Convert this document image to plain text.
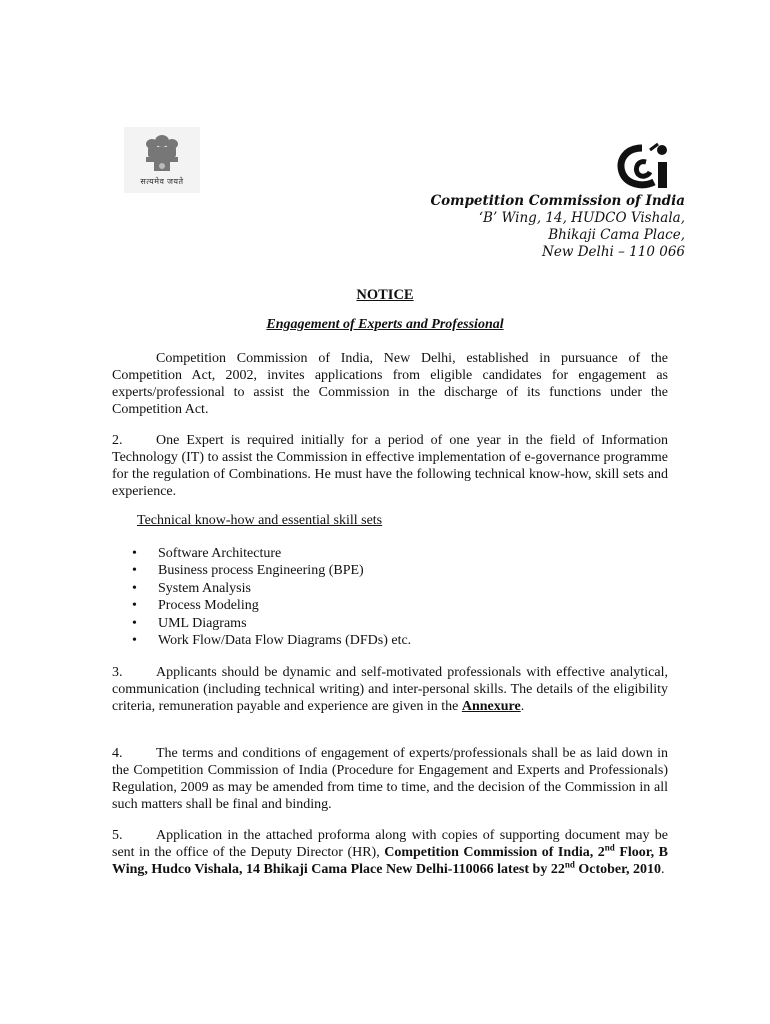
सत्यमेव जयते
Competition Commission of India
‘B’ Wing, 14, HUDCO Vishala,
Bhikaji Cama Place,
New Delhi – 110 066
NOTICE
Engagement of Experts and Professional

Competition Commission of India, New Delhi, established in pursuance of the Competition Act, 2002, invites applications from eligible candidates for engagement as experts/professional to assist the Commission in the discharge of its functions under the Competition Act.

2. One Expert is required initially for a period of one year in the field of Information Technology (IT) to assist the Commission in effective implementation of e-governance programme for the regulation of Combinations. He must have the following technical know-how, skill sets and experience.

Technical know-how and essential skill sets
• Software Architecture
• Business process Engineering (BPE)
• System Analysis
• Process Modeling
• UML Diagrams
• Work Flow/Data Flow Diagrams (DFDs) etc.

3. Applicants should be dynamic and self-motivated professionals with effective analytical, communication (including technical writing) and inter-personal skills. The details of the eligibility criteria, remuneration payable and experience are given in the Annexure.

4. The terms and conditions of engagement of experts/professionals shall be as laid down in the Competition Commission of India (Procedure for Engagement and Experts and Professionals) Regulation, 2009 as may be amended from time to time, and the decision of the Commission in all such matters shall be final and binding.

5. Application in the attached proforma along with copies of supporting document may be sent in the office of the Deputy Director (HR), Competition Commission of India, 2nd Floor, B Wing, Hudco Vishala, 14 Bhikaji Cama Place New Delhi-110066 latest by 22nd October, 2010.
